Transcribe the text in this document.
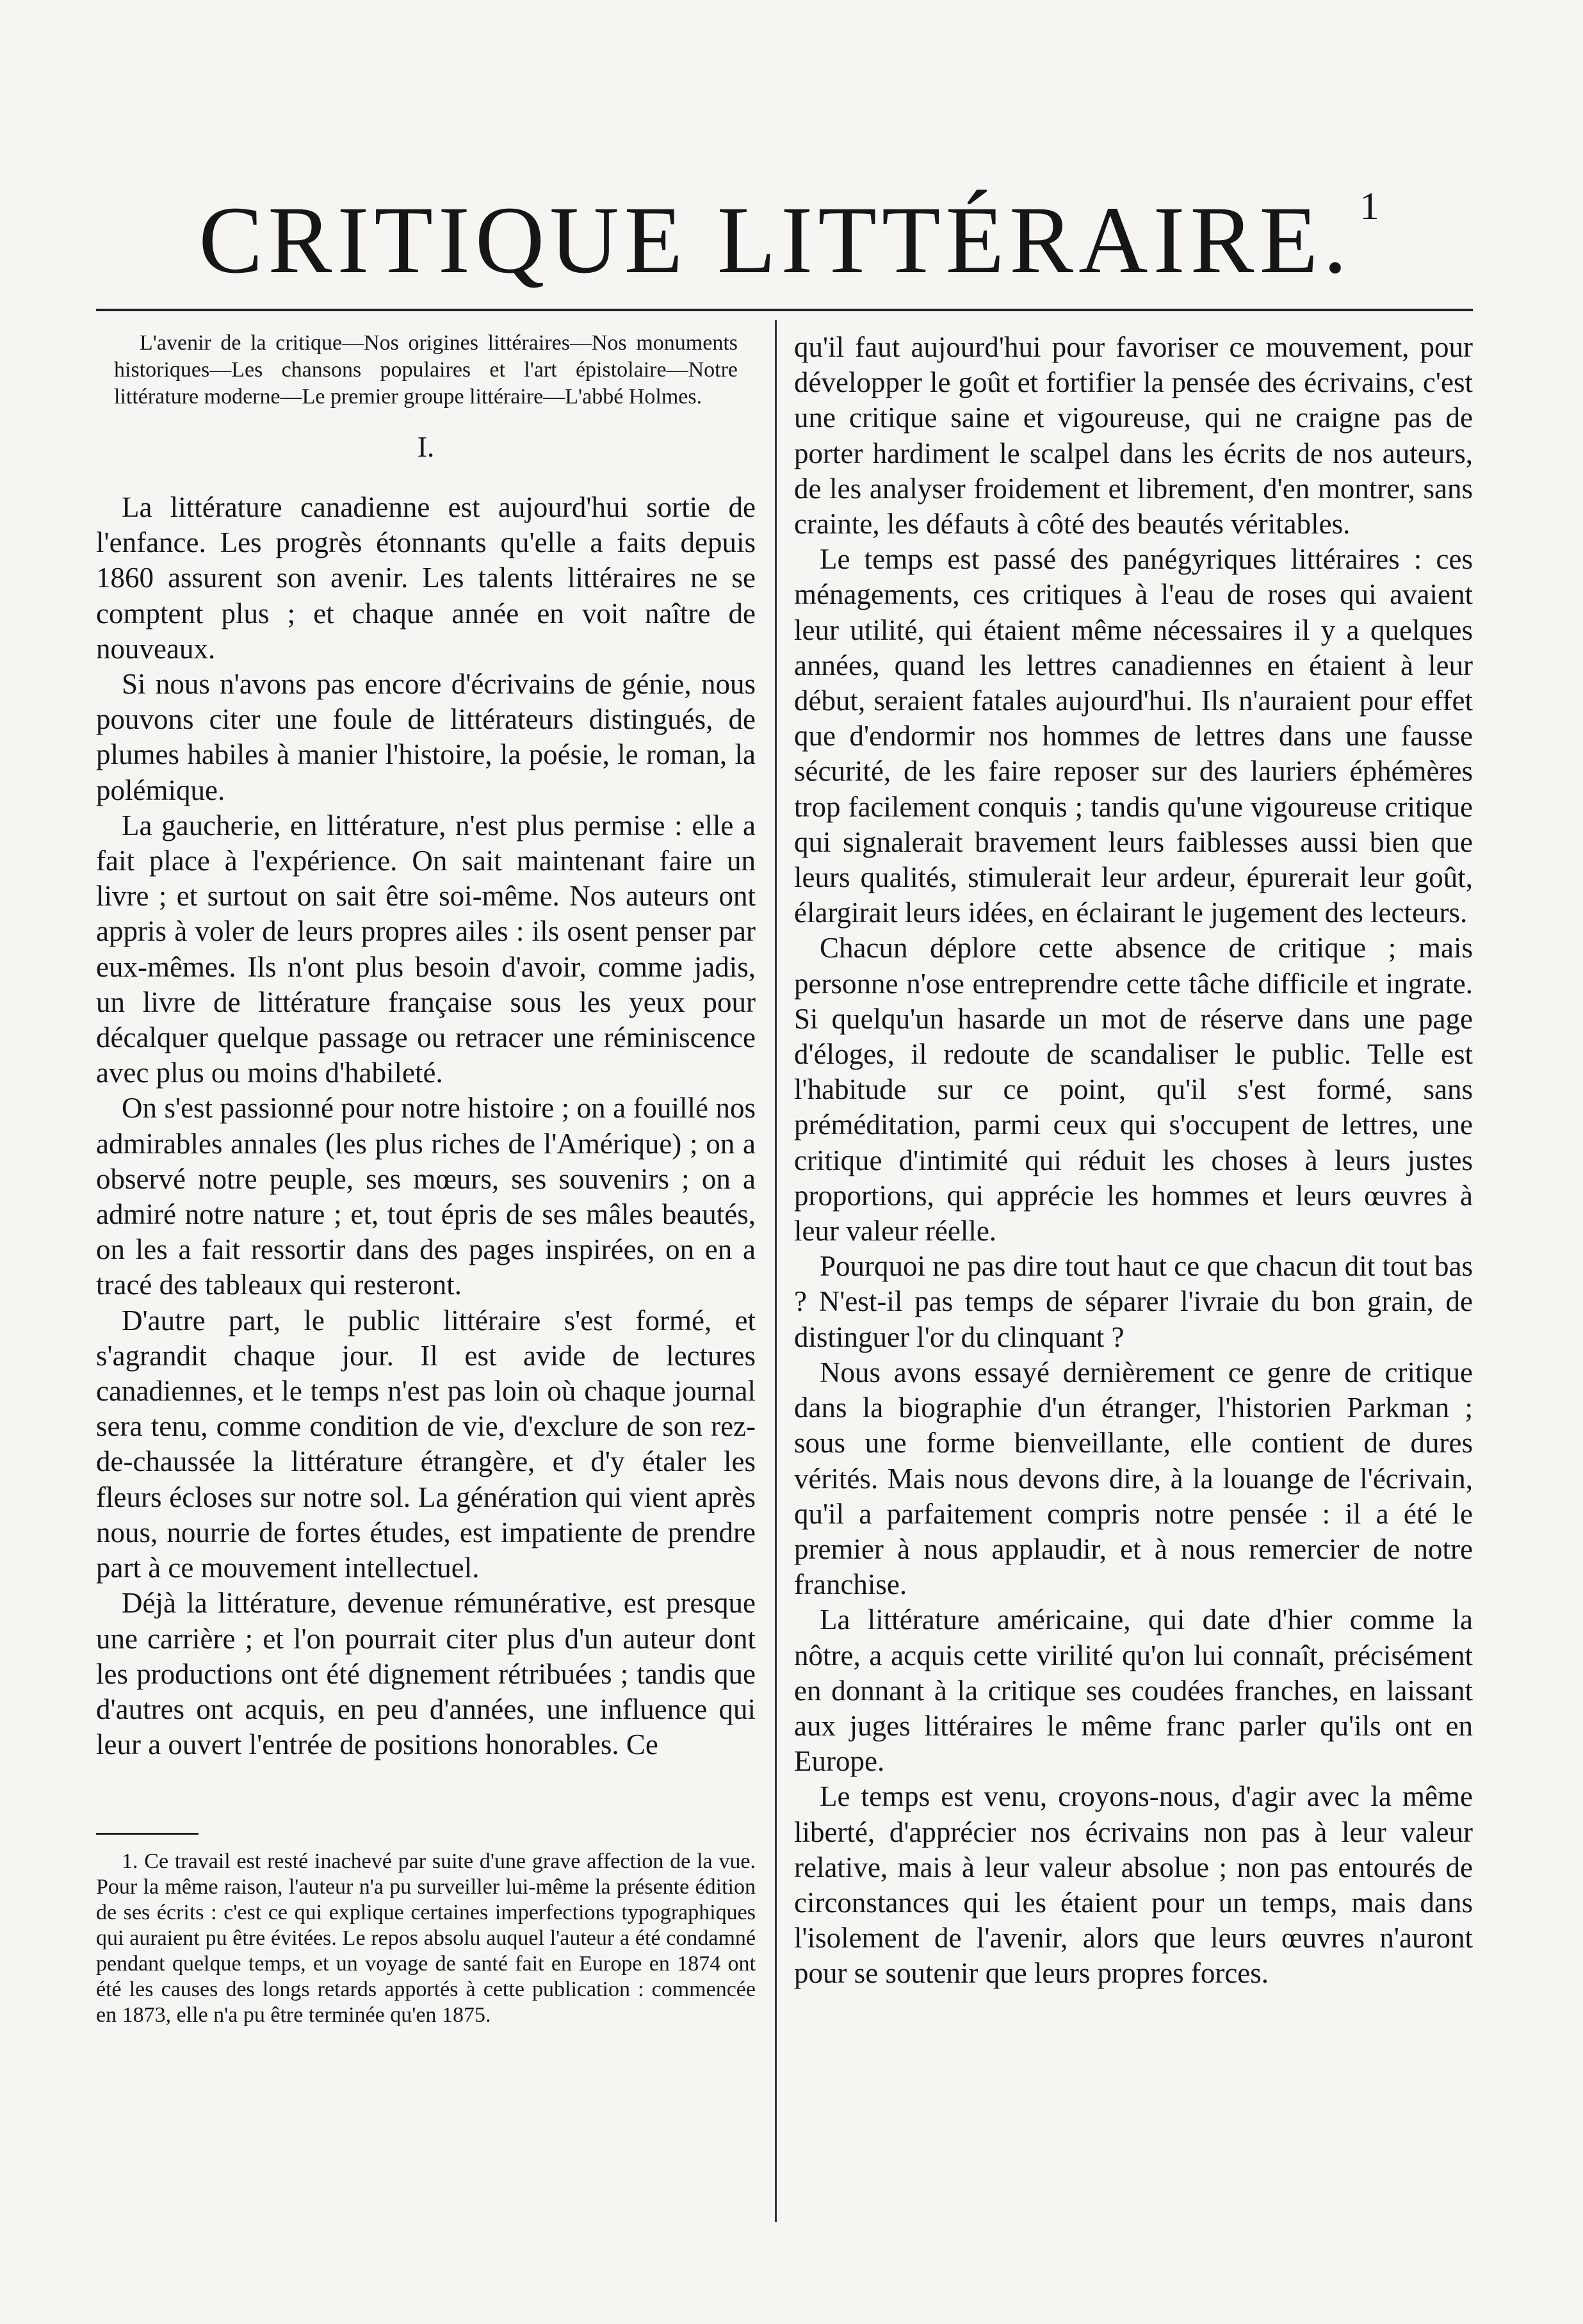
CRITIQUE LITTÉRAIRE. $^1$

L'avenir de la critique—Nos origines littéraires—Nos monuments historiques—Les chansons populaires et l'art épistolaire—Notre littérature moderne—Le premier groupe littéraire—L'abbé Holmes.

I.

La littérature canadienne est aujourd'hui sortie de l'enfance. Les progrès étonnants qu'elle a faits depuis 1860 assurent son avenir. Les talents littéraires ne se comptent plus ; et chaque année en voit naître de nouveaux.

Si nous n'avons pas encore d'écrivains de génie, nous pouvons citer une foule de littérateurs distingués, de plumes habiles à manier l'histoire, la poésie, le roman, la polémique.

La gaucherie, en littérature, n'est plus permise : elle a fait place à l'expérience. On sait maintenant faire un livre ; et surtout on sait être soi-même. Nos auteurs ont appris à voler de leurs propres ailes : ils osent penser par eux-mêmes. Ils n'ont plus besoin d'avoir, comme jadis, un livre de littérature française sous les yeux pour décalquer quelque passage ou retracer une réminiscence avec plus ou moins d'habileté.

On s'est passionné pour notre histoire ; on a fouillé nos admirables annales (les plus riches de l'Amérique) ; on a observé notre peuple, ses mœurs, ses souvenirs ; on a admiré notre nature ; et, tout épris de ses mâles beautés, on les a fait ressortir dans des pages inspirées, on en a tracé des tableaux qui resteront.

D'autre part, le public littéraire s'est formé, et s'agrandit chaque jour. Il est avide de lectures canadiennes, et le temps n'est pas loin où chaque journal sera tenu, comme condition de vie, d'exclure de son rez-de-chaussée la littérature étrangère, et d'y étaler les fleurs écloses sur notre sol. La génération qui vient après nous, nourrie de fortes études, est impatiente de prendre part à ce mouvement intellectuel.

Déjà la littérature, devenue rémunérative, est presque une carrière ; et l'on pourrait citer plus d'un auteur dont les productions ont été dignement rétribuées ; tandis que d'autres ont acquis, en peu d'années, une influence qui leur a ouvert l'entrée de positions honorables. Ce

1. Ce travail est resté inachevé par suite d'une grave affection de la vue. Pour la même raison, l'auteur n'a pu surveiller lui-même la présente édition de ses écrits : c'est ce qui explique certaines imperfections typographiques qui auraient pu être évitées. Le repos absolu auquel l'auteur a été condamné pendant quelque temps, et un voyage de santé fait en Europe en 1874 ont été les causes des longs retards apportés à cette publication : commencée en 1873, elle n'a pu être terminée qu'en 1875.

qu'il faut aujourd'hui pour favoriser ce mouvement, pour développer le goût et fortifier la pensée des écrivains, c'est une critique saine et vigoureuse, qui ne craigne pas de porter hardiment le scalpel dans les écrits de nos auteurs, de les analyser froidement et librement, d'en montrer, sans crainte, les défauts à côté des beautés véritables.

Le temps est passé des panégyriques littéraires : ces ménagements, ces critiques à l'eau de roses qui avaient leur utilité, qui étaient même nécessaires il y a quelques années, quand les lettres canadiennes en étaient à leur début, seraient fatales aujourd'hui. Ils n'auraient pour effet que d'endormir nos hommes de lettres dans une fausse sécurité, de les faire reposer sur des lauriers éphémères trop facilement conquis ; tandis qu'une vigoureuse critique qui signalerait bravement leurs faiblesses aussi bien que leurs qualités, stimulerait leur ardeur, épurerait leur goût, élargirait leurs idées, en éclairant le jugement des lecteurs.

Chacun déplore cette absence de critique ; mais personne n'ose entreprendre cette tâche difficile et ingrate. Si quelqu'un hasarde un mot de réserve dans une page d'éloges, il redoute de scandaliser le public. Telle est l'habitude sur ce point, qu'il s'est formé, sans préméditation, parmi ceux qui s'occupent de lettres, une critique d'intimité qui réduit les choses à leurs justes proportions, qui apprécie les hommes et leurs œuvres à leur valeur réelle.

Pourquoi ne pas dire tout haut ce que chacun dit tout bas ? N'est-il pas temps de séparer l'ivraie du bon grain, de distinguer l'or du clinquant ?

Nous avons essayé dernièrement ce genre de critique dans la biographie d'un étranger, l'historien Parkman ; sous une forme bienveillante, elle contient de dures vérités. Mais nous devons dire, à la louange de l'écrivain, qu'il a parfaitement compris notre pensée : il a été le premier à nous applaudir, et à nous remercier de notre franchise.

La littérature américaine, qui date d'hier comme la nôtre, a acquis cette virilité qu'on lui connaît, précisément en donnant à la critique ses coudées franches, en laissant aux juges littéraires le même franc parler qu'ils ont en Europe.

Le temps est venu, croyons-nous, d'agir avec la même liberté, d'apprécier nos écrivains non pas à leur valeur relative, mais à leur valeur absolue ; non pas entourés de circonstances qui les étaient pour un temps, mais dans l'isolement de l'avenir, alors que leurs œuvres n'auront pour se soutenir que leurs propres forces.
